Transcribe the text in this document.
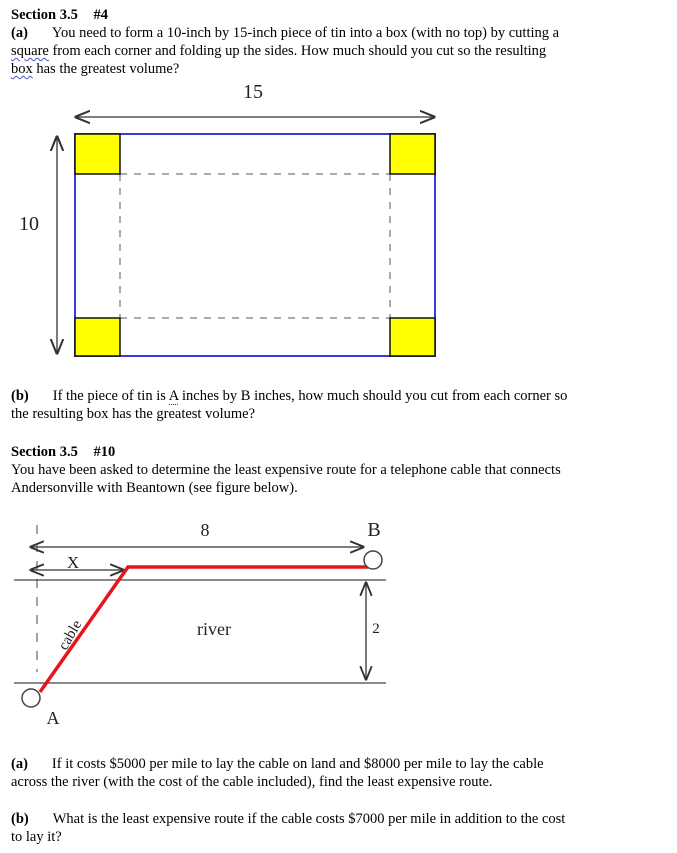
Section 3.5 #4
(a) You need to form a 10-inch by 15-inch piece of tin into a box (with no top) by cutting a
square from each corner and folding up the sides. How much should you cut so the resulting
box has the greatest volume?
15
10
(b) If the piece of tin is A inches by B inches, how much should you cut from each corner so
the resulting box has the greatest volume?
Section 3.5 #10
You have been asked to determine the least expensive route for a telephone cable that connects
Andersonville with Beantown (see figure below).
8
X
2
river
cable
A
B
(a) If it costs $5000 per mile to lay the cable on land and $8000 per mile to lay the cable
across the river (with the cost of the cable included), find the least expensive route.
(b) What is the least expensive route if the cable costs $7000 per mile in addition to the cost
to lay it?
